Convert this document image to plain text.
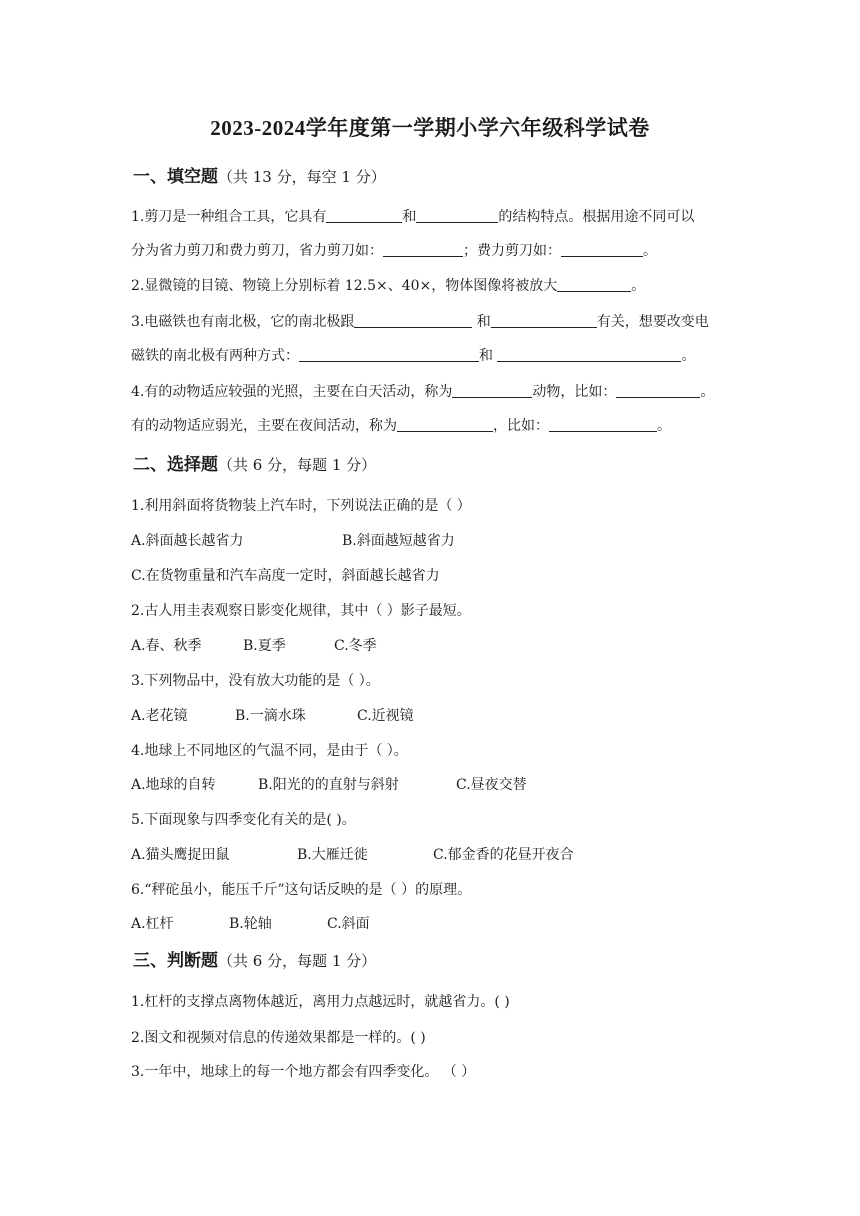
2023-2024学年度第一学期小学六年级科学试卷
一、填空题（共 13 分，每空 1 分）
1.剪刀是一种组合工具，它具有	和	的结构特点。根据用途不同可以
分为省力剪刀和费力剪刀，省力剪刀如：	；费力剪刀如：	。
2.显微镜的目镜、物镜上分别标着 12.5×、40×，物体图像将被放大	。
3.电磁铁也有南北极，它的南北极跟	和	有关，想要改变电
磁铁的南北极有两种方式：	和	。
4.有的动物适应较强的光照，主要在白天活动，称为	动物，比如：	。
有的动物适应弱光，主要在夜间活动，称为	，比如：	。
二、选择题（共 6 分，每题 1 分）
1.利用斜面将货物装上汽车时，下列说法正确的是（ ）
A.斜面越长越省力	B.斜面越短越省力
C.在货物重量和汽车高度一定时，斜面越长越省力
2.古人用圭表观察日影变化规律，其中（ ）影子最短。
A.春、秋季	B.夏季	C.冬季
3.下列物品中，没有放大功能的是（ ）。
A.老花镜	B.一滴水珠	C.近视镜
4.地球上不同地区的气温不同，是由于（ ）。
A.地球的自转	B.阳光的的直射与斜射	C.昼夜交替
5.下面现象与四季变化有关的是( )。
A.猫头鹰捉田鼠	B.大雁迁徙	C.郁金香的花昼开夜合
6.“秤砣虽小，能压千斤”这句话反映的是（ ）的原理。
A.杠杆	B.轮轴	C.斜面
三、判断题（共 6 分，每题 1 分）
1.杠杆的支撑点离物体越近，离用力点越远时，就越省力。( )
2.图文和视频对信息的传递效果都是一样的。( )
3.一年中，地球上的每一个地方都会有四季变化。 （ ）
